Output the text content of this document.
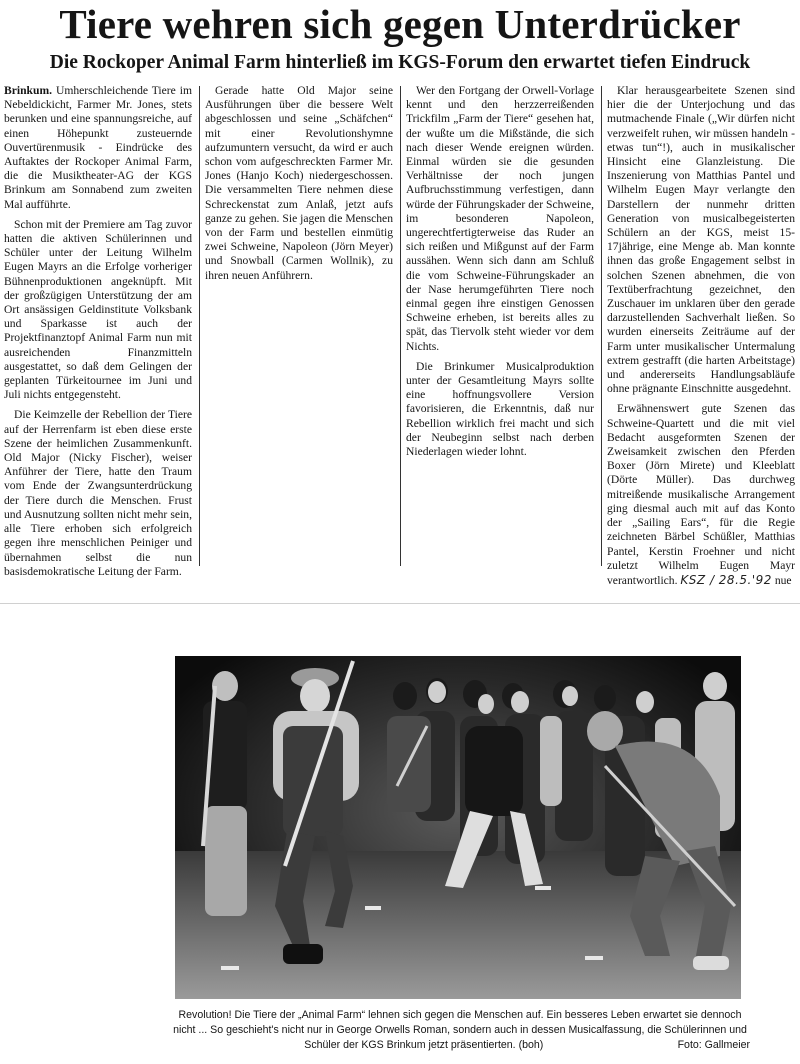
Tiere wehren sich gegen Unterdrücker
Die Rockoper Animal Farm hinterließ im KGS-Forum den erwartet tiefen Eindruck

Brinkum. Umherschleichende Tiere im Nebeldickicht, Farmer Mr. Jones, stets berunken und eine spannungsreiche, auf einen Höhepunkt zusteuernde Ouvertürenmusik - Eindrücke des Auftaktes der Rockoper Animal Farm, die die Musiktheater-AG der KGS Brinkum am Sonnabend zum zweiten Mal aufführte.

Schon mit der Premiere am Tag zuvor hatten die aktiven Schülerinnen und Schüler unter der Leitung Wilhelm Eugen Mayrs an die Erfolge vorheriger Bühnenproduktionen angeknüpft. Mit der großzügigen Unterstützung der am Ort ansässigen Geldinstitute Volksbank und Sparkasse ist auch der Projektfinanztopf Animal Farm nun mit ausreichenden Finanzmitteln ausgestattet, so daß dem Gelingen der geplanten Türkeitournee im Juni und Juli nichts entgegensteht.

Die Keimzelle der Rebellion der Tiere auf der Herrenfarm ist eben diese erste Szene der heimlichen Zusammenkunft. Old Major (Nicky Fischer), weiser Anführer der Tiere, hatte den Traum vom Ende der Zwangsunterdrückung der Tiere durch die Menschen. Frust und Ausnutzung sollten nicht mehr sein, alle Tiere erhoben sich erfolgreich gegen ihre menschlichen Peiniger und übernahmen selbst die nun basisdemokratische Leitung der Farm.

Gerade hatte Old Major seine Ausführungen über die bessere Welt abgeschlossen und seine „Schäfchen“ mit einer Revolutionshymne aufzumuntern versucht, da wird er auch schon vom aufgeschreckten Farmer Mr. Jones (Hanjo Koch) niedergeschossen. Die versammelten Tiere nehmen diese Schreckenstat zum Anlaß, jetzt aufs ganze zu gehen. Sie jagen die Menschen von der Farm und bestellen einmütig zwei Schweine, Napoleon (Jörn Meyer) und Snowball (Carmen Wollnik), zu ihren neuen Anführern.

Wer den Fortgang der Orwell-Vorlage kennt und den herzzerreißenden Trickfilm „Farm der Tiere“ gesehen hat, der wußte um die Mißstände, die sich nach dieser Wende ereignen würden. Einmal würden sie die gesunden Verhältnisse der noch jungen Aufbruchsstimmung verfestigen, dann würde der Führungskader der Schweine, im besonderen Napoleon, ungerechtfertigterweise das Ruder an sich reißen und Mißgunst auf der Farm aussähen. Wenn sich dann am Schluß die vom Schweine-Führungskader an der Nase herumgeführten Tiere noch einmal gegen ihre einstigen Genossen Schweine erheben, ist bereits alles zu spät, das Tiervolk steht wieder vor dem Nichts.

Die Brinkumer Musicalproduktion unter der Gesamtleitung Mayrs sollte eine hoffnungsvollere Version favorisieren, die Erkenntnis, daß nur Rebellion wirklich frei macht und sich der Neubeginn selbst nach derben Niederlagen wieder lohnt.

Klar herausgearbeitete Szenen sind hier die der Unterjochung und das mutmachende Finale („Wir dürfen nicht verzweifelt ruhen, wir müssen handeln - etwas tun“!), auch in musikalischer Hinsicht eine Glanzleistung. Die Inszenierung von Matthias Pantel und Wilhelm Eugen Mayr verlangte den Darstellern der nunmehr dritten Generation von musicalbegeisterten Schülern an der KGS, meist 15-17jährige, eine Menge ab. Man konnte ihnen das große Engagement selbst in solchen Szenen abnehmen, die von Textüberfrachtung gezeichnet, den Zuschauer im unklaren über den gerade darzustellenden Sachverhalt ließen. So wurden einerseits Zeiträume auf der Farm unter musikalischer Untermalung extrem gestrafft (die harten Arbeitstage) und andererseits Handlungsabläufe ohne prägnante Einschnitte ausgedehnt.

Erwähnenswert gute Szenen das Schweine-Quartett und die mit viel Bedacht ausgeformten Szenen der Zweisamkeit zwischen den Pferden Boxer (Jörn Mirete) und Kleeblatt (Dörte Müller). Das durchweg mitreißende musikalische Arrangement ging diesmal auch mit auf das Konto der „Sailing Ears“, für die Regie zeichneten Bärbel Schüßler, Matthias Pantel, Kerstin Froehner und nicht zuletzt Wilhelm Eugen Mayr verantwortlich. KSZ / 28.5.'92 nue

Revolution! Die Tiere der „Animal Farm“ lehnen sich gegen die Menschen auf. Ein besseres Leben erwartet sie dennoch nicht ... So geschieht's nicht nur in George Orwells Roman, sondern auch in dessen Musicalfassung, die Schülerinnen und Schüler der KGS Brinkum jetzt präsentierten. (boh)	Foto: Gallmeier
